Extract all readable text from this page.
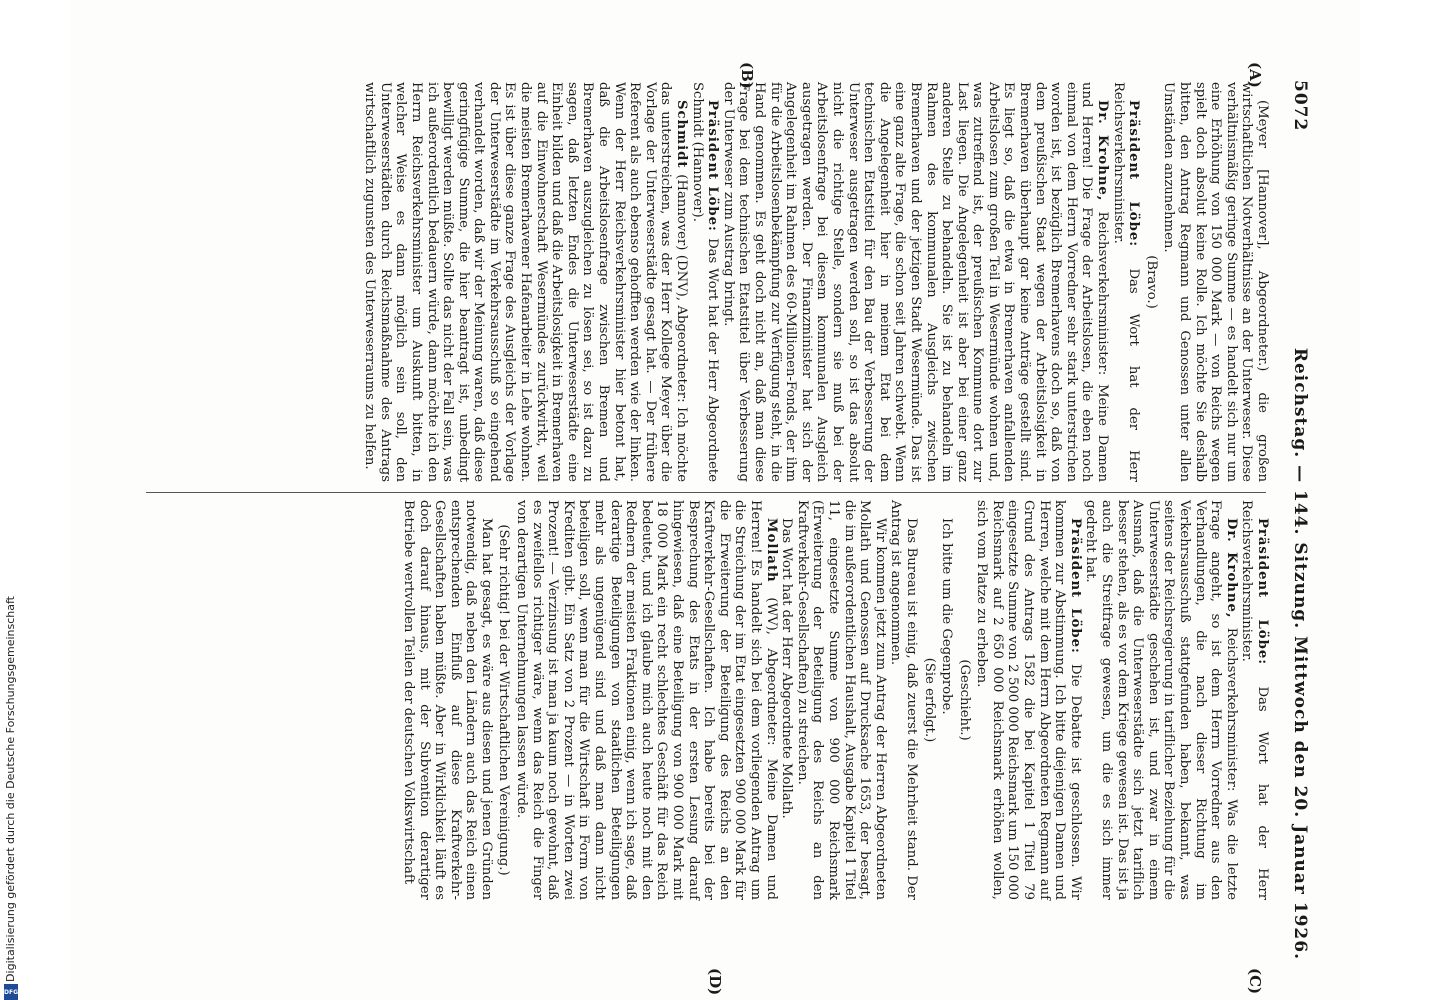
5072
Reichstag. — 144. Sitzung. Mittwoch den 20. Januar 1926.
(A)
(B)
(C)
(D)

(Meyer [Hannover], Abgeordneter.) die großen wirtschaftlichen Notverhältnisse an der Unterweser. Diese verhältnismäßig geringe Summe — es handelt sich nur um eine Erhöhung von 150 000 Mark — von Reichs wegen spielt doch absolut keine Rolle. Ich möchte Sie deshalb bitten, den Antrag Regmann und Genossen unter allen Umständen anzunehmen.

(Bravo.)

Präsident Löbe: Das Wort hat der Herr Reichsverkehrsminister.

Dr. Krohne, Reichsverkehrsminister: Meine Damen und Herren! Die Frage der Arbeitslosen, die eben noch einmal von dem Herrn Vorredner sehr stark unterstrichen worden ist, ist bezüglich Bremerhavens doch so, daß von dem preußischen Staat wegen der Arbeitslosigkeit in Bremerhaven überhaupt gar keine Anträge gestellt sind. Es liegt so, daß die etwa in Bremerhaven anfallenden Arbeitslosen zum großen Teil in Wesermünde wohnen und, was zutreffend ist, der preußischen Kommune dort zur Last liegen. Die Angelegenheit ist aber bei einer ganz anderen Stelle zu behandeln. Sie ist zu behandeln im Rahmen des kommunalen Ausgleichs zwischen Bremerhaven und der jetzigen Stadt Wesermünde. Das ist eine ganz alte Frage, die schon seit Jahren schwebt. Wenn die Angelegenheit hier in meinem Etat bei dem technischen Etatstitel für den Bau der Verbesserung der Unterweser ausgetragen werden soll, so ist das absolut nicht die richtige Stelle, sondern sie muß bei der Arbeitslosenfrage bei diesem kommunalen Ausgleich ausgetragen werden. Der Finanzminister hat sich der Angelegenheit im Rahmen des 60-Millionen-Fonds, der ihm für die Arbeitslosenbekämpfung zur Verfügung steht, in die Hand genommen. Es geht doch nicht an, daß man diese Frage bei dem technischen Etatstitel über Verbesserung der Unterweser zum Austrag bringt.

Präsident Löbe: Das Wort hat der Herr Abgeordnete Schmidt (Hannover).

Schmidt (Hannover) (DNV), Abgeordneter: Ich möchte das unterstreichen, was der Herr Kollege Meyer über die Vorlage der Unterweserstädte gesagt hat. — Der frühere Referent als auch ebenso gehofften werden wie der linken. Wenn der Herr Reichsverkehrsminister hier betont hat, daß die Arbeitslosenfrage zwischen Bremen und Bremerhaven auszugleichen zu lösen sei, so ist dazu zu sagen, daß letzten Endes die Unterweserstädte eine Einheit bilden und daß die Arbeitslosigkeit in Bremerhaven auf die Einwohnerschaft Wesermündes zurückwirkt, weil die meisten Bremerhavener Hafenarbeiter in Lehe wohnen. Es ist über diese ganze Frage des Ausgleichs der Vorlage der Unterweserstädte im Verkehrsausschuß so eingehend verhandelt worden, daß wir der Meinung waren, daß diese geringfügige Summe, die hier beantragt ist, unbedingt bewilligt werden müßte. Sollte das nicht der Fall sein, was ich außerordentlich bedauern würde, dann möchte ich den Herrn Reichsverkehrsminister um Auskunft bitten, in welcher Weise es dann möglich sein soll, den Unterweserstädten durch Reichsmaßnahme des Antrags wirtschaftlich zugunsten des Unterweserraums zu helfen.

Präsident Löbe: Das Wort hat der Herr Reichsverkehrsminister.

Dr. Krohne, Reichsverkehrsminister: Was die letzte Frage angeht, so ist dem Herrn Vorredner aus den Verhandlungen, die nach dieser Richtung im Verkehrsausschuß stattgefunden haben, bekannt, was seitens der Reichsregierung in tariflicher Beziehung für die Unterweserstädte geschehen ist, und zwar in einem Ausmaß, daß die Unterweserstädte sich jetzt tariflich besser stehen, als es vor dem Kriege gewesen ist. Das ist ja auch die Streitfrage gewesen, um die es sich immer gedreht hat.

Präsident Löbe: Die Debatte ist geschlossen. Wir kommen zur Abstimmung. Ich bitte diejenigen Damen und Herren, welche mit dem Herrn Abgeordneten Regmann auf Grund des Antrags 1582 die bei Kapitel 1 Titel 79 eingesetzte Summe von 2 500 000 Reichsmark um 150 000 Reichsmark auf 2 650 000 Reichsmark erhöhen wollen, sich vom Platze zu erheben.

(Geschieht.)

Ich bitte um die Gegenprobe.

(Sie erfolgt.)

Das Bureau ist einig, daß zuerst die Mehrheit stand. Der Antrag ist angenommen.

Wir kommen jetzt zum Antrag der Herren Abgeordneten Mollath und Genossen auf Drucksache 1653, der besagt, die im außerordentlichen Haushalt, Ausgabe Kapitel 1 Titel 11, eingesetzte Summe von 900 000 Reichsmark (Erweiterung der Beteiligung des Reichs an den Kraftverkehr-Gesellschaften) zu streichen.

Das Wort hat der Herr Abgeordnete Mollath.

Mollath (WV), Abgeordneter: Meine Damen und Herren! Es handelt sich bei dem vorliegenden Antrag um die Streichung der im Etat eingesetzten 900 000 Mark für die Erweiterung der Beteiligung des Reichs an den Kraftverkehr-Gesellschaften. Ich habe bereits bei der Besprechung des Etats in der ersten Lesung darauf hingewiesen, daß eine Beteiligung von 900 000 Mark mit 18 000 Mark ein recht schlechtes Geschäft für das Reich bedeutet, und ich glaube mich auch heute noch mit den Rednern der meisten Fraktionen einig, wenn ich sage, daß derartige Beteiligungen von staatlichen Beteiligungen mehr als ungenügend sind und daß man dann nicht beteiligen soll, wenn man für die Wirtschaft in Form von Krediten gibt. Ein Satz von 2 Prozent — in Worten zwei Prozent! — Verzinsung ist man ja kaum noch gewohnt, daß es zweifellos richtiger wäre, wenn das Reich die Finger von derartigen Unternehmungen lassen würde.

(Sehr richtig! bei der Wirtschaftlichen Vereinigung.)

Man hat gesagt, es wäre aus diesen und jenen Gründen notwendig, daß neben den Ländern auch das Reich einen entsprechenden Einfluß auf diese Kraftverkehr-Gesellschaften haben müßte. Aber in Wirklichkeit läuft es doch darauf hinaus, mit der Subvention derartiger Betriebe wertvollen Teilen der deutschen Volkswirtschaft

Digitalisierung gefördert durch die Deutsche Forschungsgemeinschaft
DFG
